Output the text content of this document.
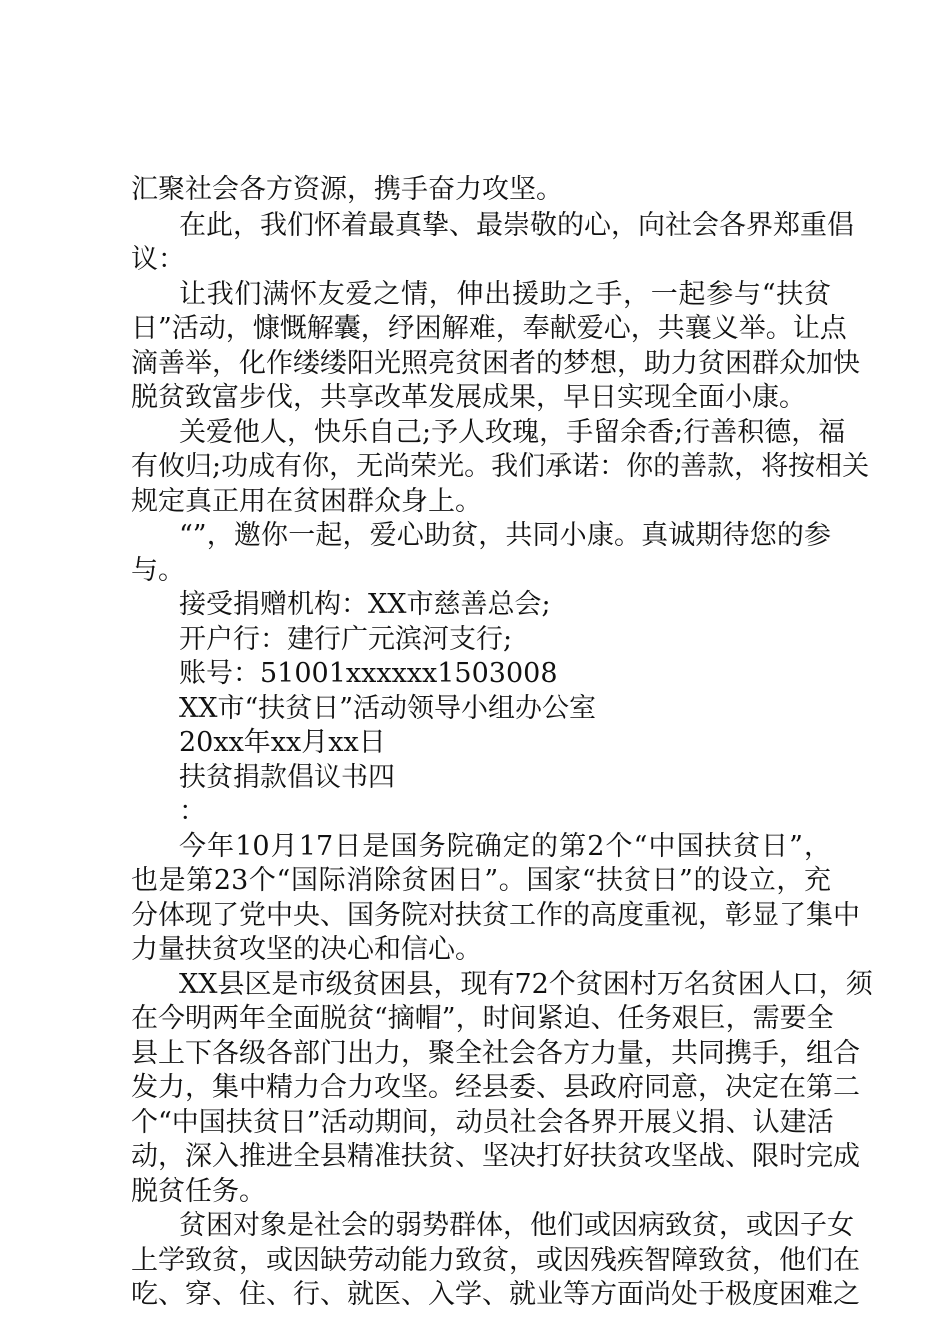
汇聚社会各方资源，携手奋力攻坚。
在此，我们怀着最真挚、最崇敬的心，向社会各界郑重倡
议：
让我们满怀友爱之情，伸出援助之手，一起参与“扶贫
日”活动，慷慨解囊，纾困解难，奉献爱心，共襄义举。让点
滴善举，化作缕缕阳光照亮贫困者的梦想，助力贫困群众加快
脱贫致富步伐，共享改革发展成果，早日实现全面小康。
关爱他人，快乐自己;予人玫瑰，手留余香;行善积德，福
有攸归;功成有你，无尚荣光。我们承诺：你的善款，将按相关
规定真正用在贫困群众身上。
“”，邀你一起，爱心助贫，共同小康。真诚期待您的参
与。
接受捐赠机构：XX市慈善总会;
开户行：建行广元滨河支行;
账号：51001xxxxxx1503008
XX市“扶贫日”活动领导小组办公室
20xx年xx月xx日
扶贫捐款倡议书四
：
今年10月17日是国务院确定的第2个“中国扶贫日”，
也是第23个“国际消除贫困日”。国家“扶贫日”的设立，充
分体现了党中央、国务院对扶贫工作的高度重视，彰显了集中
力量扶贫攻坚的决心和信心。
XX县区是市级贫困县，现有72个贫困村万名贫困人口，须
在今明两年全面脱贫“摘帽”，时间紧迫、任务艰巨，需要全
县上下各级各部门出力，聚全社会各方力量，共同携手，组合
发力，集中精力合力攻坚。经县委、县政府同意，决定在第二
个“中国扶贫日”活动期间，动员社会各界开展义捐、认建活
动，深入推进全县精准扶贫、坚决打好扶贫攻坚战、限时完成
脱贫任务。
贫困对象是社会的弱势群体，他们或因病致贫，或因子女
上学致贫，或因缺劳动能力致贫，或因残疾智障致贫，他们在
吃、穿、住、行、就医、入学、就业等方面尚处于极度困难之
